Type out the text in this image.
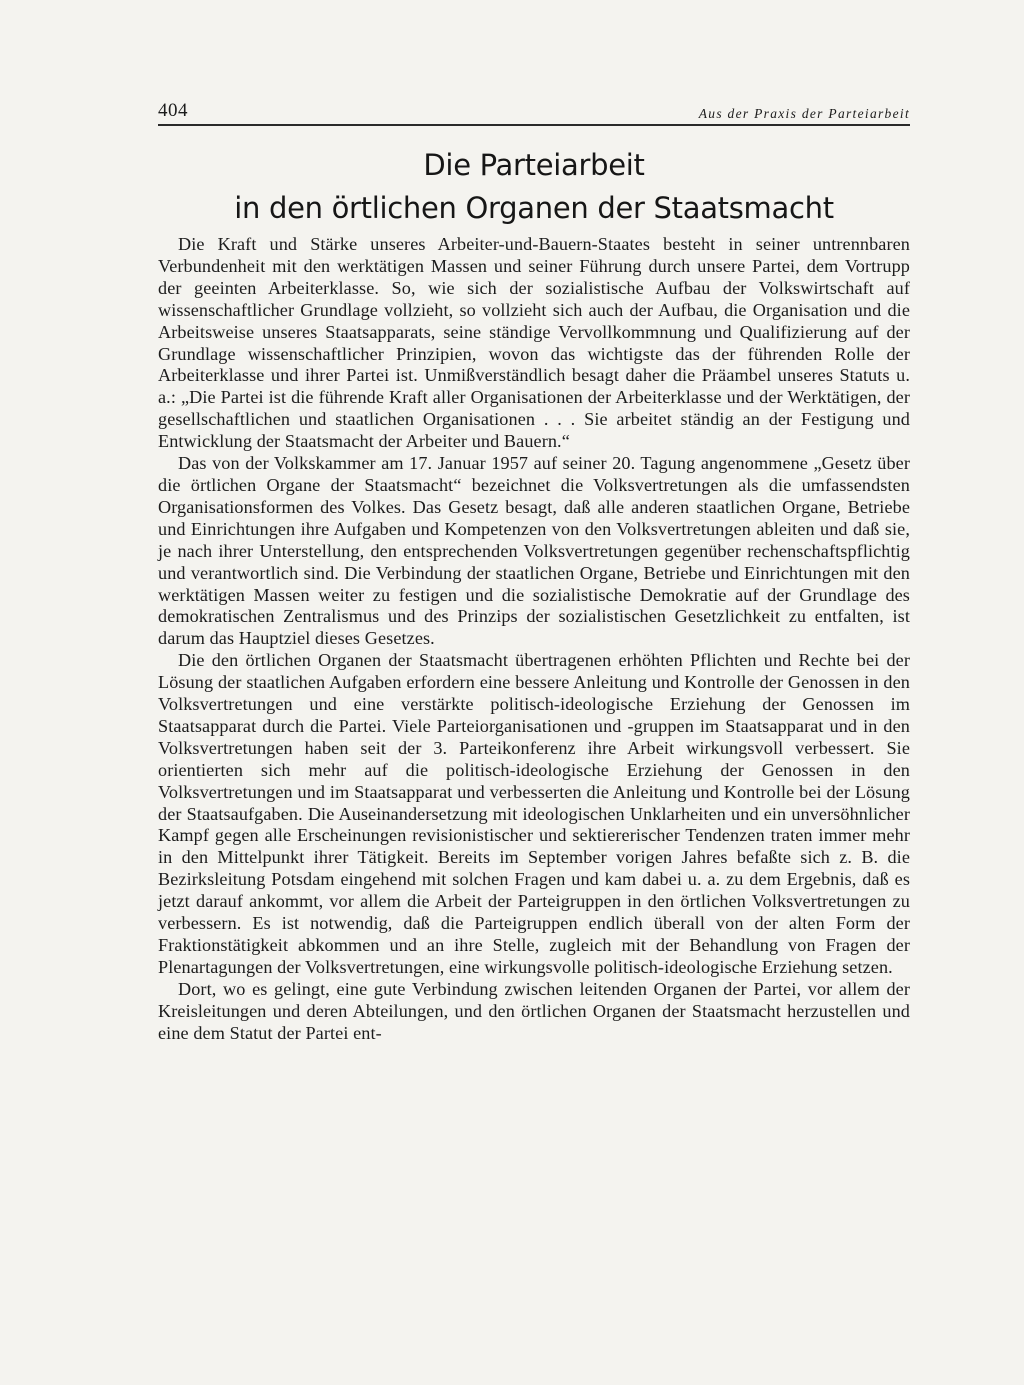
404	Aus der Praxis der Parteiarbeit
Die Parteiarbeit
in den örtlichen Organen der Staatsmacht

Die Kraft und Stärke unseres Arbeiter-und-Bauern-Staates besteht in seiner untrennbaren Verbundenheit mit den werktätigen Massen und seiner Führung durch unsere Partei, dem Vortrupp der geeinten Arbeiterklasse. So, wie sich der sozialistische Aufbau der Volkswirtschaft auf wissenschaftlicher Grundlage vollzieht, so vollzieht sich auch der Aufbau, die Organisation und die Arbeitsweise unseres Staatsapparats, seine ständige Vervollkommnung und Qualifizierung auf der Grundlage wissenschaftlicher Prinzipien, wovon das wichtigste das der führenden Rolle der Arbeiterklasse und ihrer Partei ist. Unmißverständlich besagt daher die Präambel unseres Statuts u. a.: „Die Partei ist die führende Kraft aller Organisationen der Arbeiterklasse und der Werktätigen, der gesellschaftlichen und staatlichen Organisationen . . . Sie arbeitet ständig an der Festigung und Entwicklung der Staatsmacht der Arbeiter und Bauern.“

Das von der Volkskammer am 17. Januar 1957 auf seiner 20. Tagung angenommene „Gesetz über die örtlichen Organe der Staatsmacht“ bezeichnet die Volksvertretungen als die umfassendsten Organisationsformen des Volkes. Das Gesetz besagt, daß alle anderen staatlichen Organe, Betriebe und Einrichtungen ihre Aufgaben und Kompetenzen von den Volksvertretungen ableiten und daß sie, je nach ihrer Unterstellung, den entsprechenden Volksvertretungen gegenüber rechenschaftspflichtig und verantwortlich sind. Die Verbindung der staatlichen Organe, Betriebe und Einrichtungen mit den werktätigen Massen weiter zu festigen und die sozialistische Demokratie auf der Grundlage des demokratischen Zentralismus und des Prinzips der sozialistischen Gesetzlichkeit zu entfalten, ist darum das Hauptziel dieses Gesetzes.

Die den örtlichen Organen der Staatsmacht übertragenen erhöhten Pflichten und Rechte bei der Lösung der staatlichen Aufgaben erfordern eine bessere Anleitung und Kontrolle der Genossen in den Volksvertretungen und eine verstärkte politisch-ideologische Erziehung der Genossen im Staatsapparat durch die Partei. Viele Parteiorganisationen und -gruppen im Staatsapparat und in den Volksvertretungen haben seit der 3. Parteikonferenz ihre Arbeit wirkungsvoll verbessert. Sie orientierten sich mehr auf die politisch-ideologische Erziehung der Genossen in den Volksvertretungen und im Staatsapparat und verbesserten die Anleitung und Kontrolle bei der Lösung der Staatsaufgaben. Die Auseinandersetzung mit ideologischen Unklarheiten und ein unversöhnlicher Kampf gegen alle Erscheinungen revisionistischer und sektiererischer Tendenzen traten immer mehr in den Mittelpunkt ihrer Tätigkeit. Bereits im September vorigen Jahres befaßte sich z. B. die Bezirksleitung Potsdam eingehend mit solchen Fragen und kam dabei u. a. zu dem Ergebnis, daß es jetzt darauf ankommt, vor allem die Arbeit der Parteigruppen in den örtlichen Volksvertretungen zu verbessern. Es ist notwendig, daß die Parteigruppen endlich überall von der alten Form der Fraktionstätigkeit abkommen und an ihre Stelle, zugleich mit der Behandlung von Fragen der Plenartagungen der Volksvertretungen, eine wirkungsvolle politisch-ideologische Erziehung setzen.

Dort, wo es gelingt, eine gute Verbindung zwischen leitenden Organen der Partei, vor allem der Kreisleitungen und deren Abteilungen, und den örtlichen Organen der Staatsmacht herzustellen und eine dem Statut der Partei ent-
